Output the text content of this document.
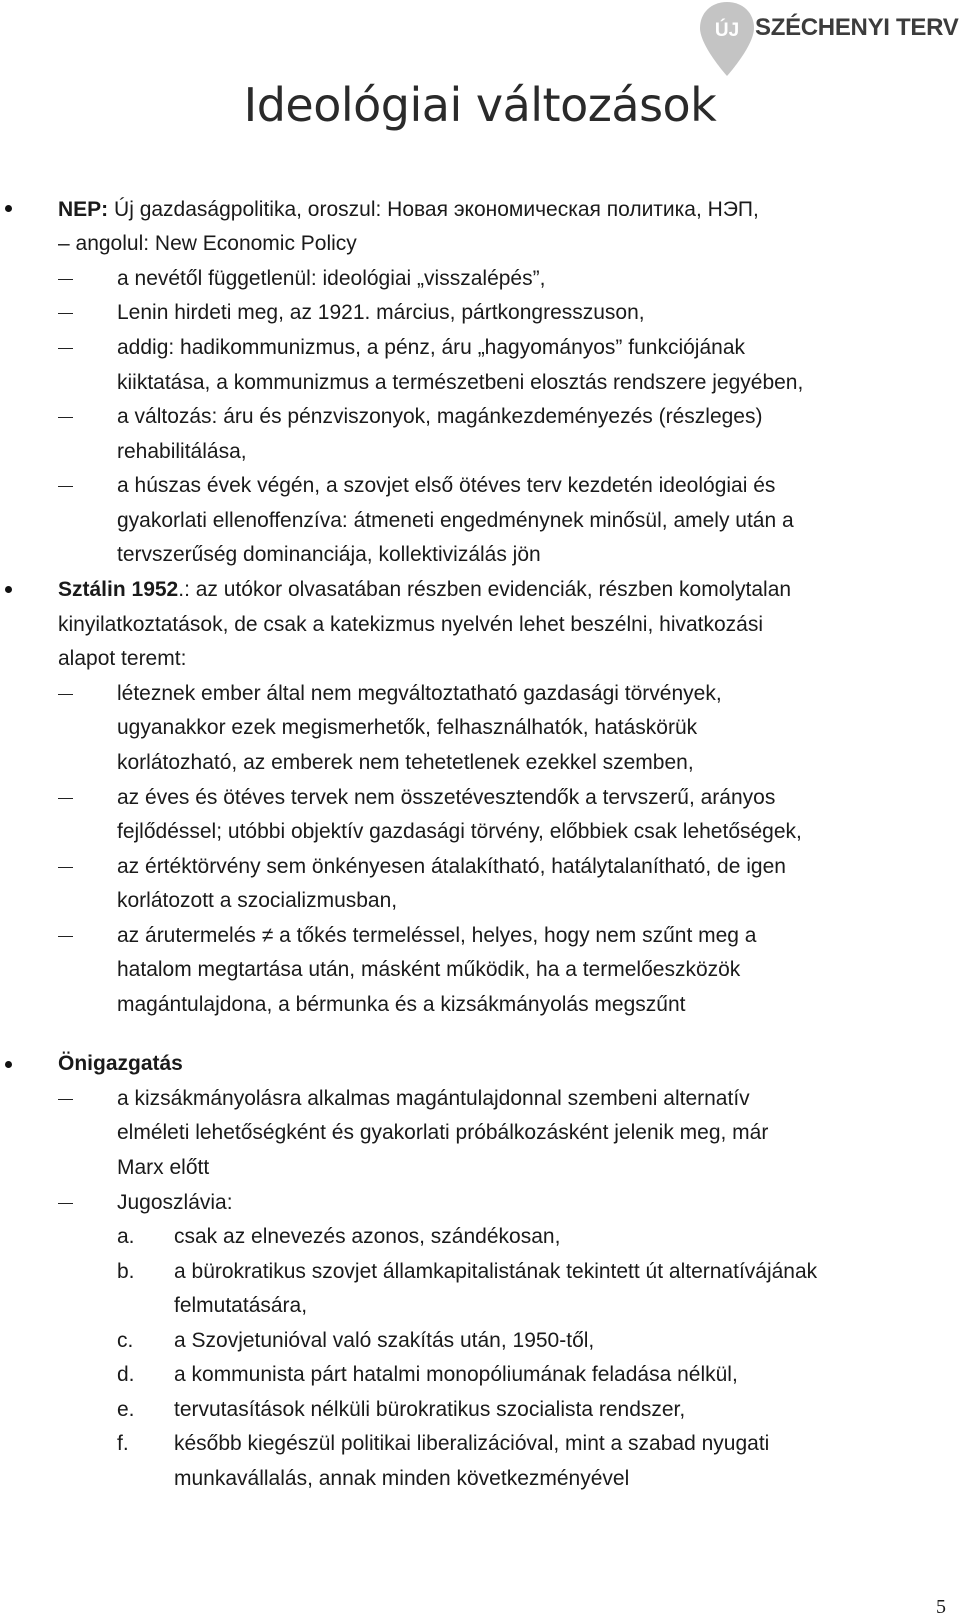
ÚJ SZÉCHENYI TERV
Ideológiai változások
NEP: Új gazdaságpolitika, oroszul: Новая экономическая политика, НЭП,
– angolul: New Economic Policy
a nevétől függetlenül: ideológiai „visszalépés”,
Lenin hirdeti meg, az 1921. március, pártkongresszuson,
addig: hadikommunizmus, a pénz, áru „hagyományos” funkciójának
kiiktatása, a kommunizmus a természetbeni elosztás rendszere jegyében,
a változás: áru és pénzviszonyok, magánkezdeményezés (részleges)
rehabilitálása,
a húszas évek végén, a szovjet első ötéves terv kezdetén ideológiai és
gyakorlati ellenoffenzíva: átmeneti engedménynek minősül, amely után a
tervszerűség dominanciája, kollektivizálás jön
Sztálin 1952.: az utókor olvasatában részben evidenciák, részben komolytalan
kinyilatkoztatások, de csak a katekizmus nyelvén lehet beszélni, hivatkozási
alapot teremt:
léteznek ember által nem megváltoztatható gazdasági törvények,
ugyanakkor ezek megismerhetők, felhasználhatók, hatáskörük
korlátozható, az emberek nem tehetetlenek ezekkel szemben,
az éves és ötéves tervek nem összetévesztendők a tervszerű, arányos
fejlődéssel; utóbbi objektív gazdasági törvény, előbbiek csak lehetőségek,
az értéktörvény sem önkényesen átalakítható, hatálytalanítható, de igen
korlátozott a szocializmusban,
az árutermelés ≠ a tőkés termeléssel, helyes, hogy nem szűnt meg a
hatalom megtartása után, másként működik, ha a termelőeszközök
magántulajdona, a bérmunka és a kizsákmányolás megszűnt
Önigazgatás
a kizsákmányolásra alkalmas magántulajdonnal szembeni alternatív
elméleti lehetőségként és gyakorlati próbálkozásként jelenik meg, már
Marx előtt
Jugoszlávia:
a. csak az elnevezés azonos, szándékosan,
b. a bürokratikus szovjet államkapitalistának tekintett út alternatívájának
felmutatására,
c. a Szovjetunióval való szakítás után, 1950-től,
d. a kommunista párt hatalmi monopóliumának feladása nélkül,
e. tervutasítások nélküli bürokratikus szocialista rendszer,
f. később kiegészül politikai liberalizációval, mint a szabad nyugati
munkavállalás, annak minden következményével
5
